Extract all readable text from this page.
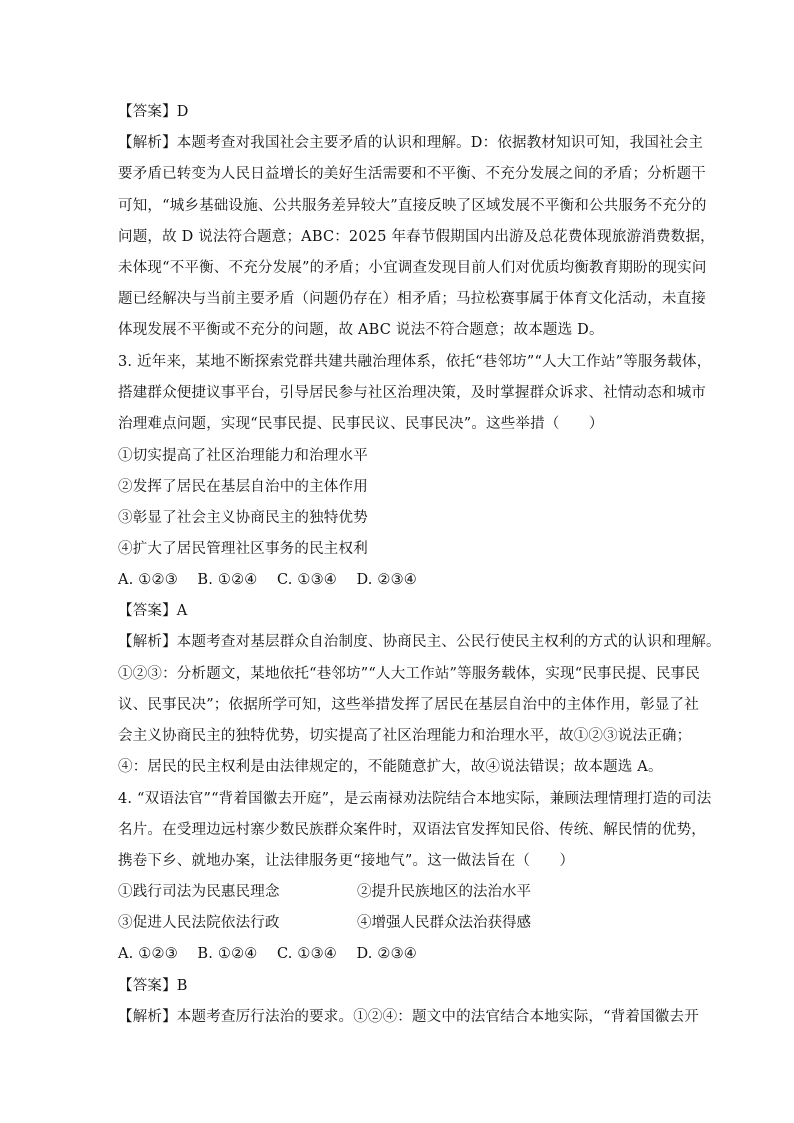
【答案】D
【解析】本题考查对我国社会主要矛盾的认识和理解。D：依据教材知识可知，我国社会主
要矛盾已转变为人民日益增长的美好生活需要和不平衡、不充分发展之间的矛盾；分析题干
可知，“城乡基础设施、公共服务差异较大”直接反映了区域发展不平衡和公共服务不充分的
问题，故 D 说法符合题意；ABC：2025 年春节假期国内出游及总花费体现旅游消费数据，
未体现“不平衡、不充分发展”的矛盾；小宜调查发现目前人们对优质均衡教育期盼的现实问
题已经解决与当前主要矛盾（问题仍存在）相矛盾；马拉松赛事属于体育文化活动，未直接
体现发展不平衡或不充分的问题，故 ABC 说法不符合题意；故本题选 D。
3. 近年来，某地不断探索党群共建共融治理体系，依托“巷邻坊”“人大工作站”等服务载体，
搭建群众便捷议事平台，引导居民参与社区治理决策，及时掌握群众诉求、社情动态和城市
治理难点问题，实现“民事民提、民事民议、民事民决”。这些举措（　　）
①切实提高了社区治理能力和治理水平
②发挥了居民在基层自治中的主体作用
③彰显了社会主义协商民主的独特优势
④扩大了居民管理社区事务的民主权利
A. ①②③　 B. ①②④　 C. ①③④　 D. ②③④
【答案】A
【解析】本题考查对基层群众自治制度、协商民主、公民行使民主权利的方式的认识和理解。
①②③：分析题文，某地依托“巷邻坊”“人大工作站”等服务载体，实现“民事民提、民事民
议、民事民决”；依据所学可知，这些举措发挥了居民在基层自治中的主体作用，彰显了社
会主义协商民主的独特优势，切实提高了社区治理能力和治理水平，故①②③说法正确；
④：居民的民主权利是由法律规定的，不能随意扩大，故④说法错误；故本题选 A。
4. “双语法官”“背着国徽去开庭”，是云南禄劝法院结合本地实际，兼顾法理情理打造的司法
名片。在受理边远村寨少数民族群众案件时，双语法官发挥知民俗、传统、解民情的优势，
携卷下乡、就地办案，让法律服务更“接地气”。这一做法旨在（　　）
①践行司法为民惠民理念	②提升民族地区的法治水平
③促进人民法院依法行政	④增强人民群众法治获得感
A. ①②③　 B. ①②④　 C. ①③④　 D. ②③④
【答案】B
【解析】本题考查厉行法治的要求。①②④：题文中的法官结合本地实际，“背着国徽去开
